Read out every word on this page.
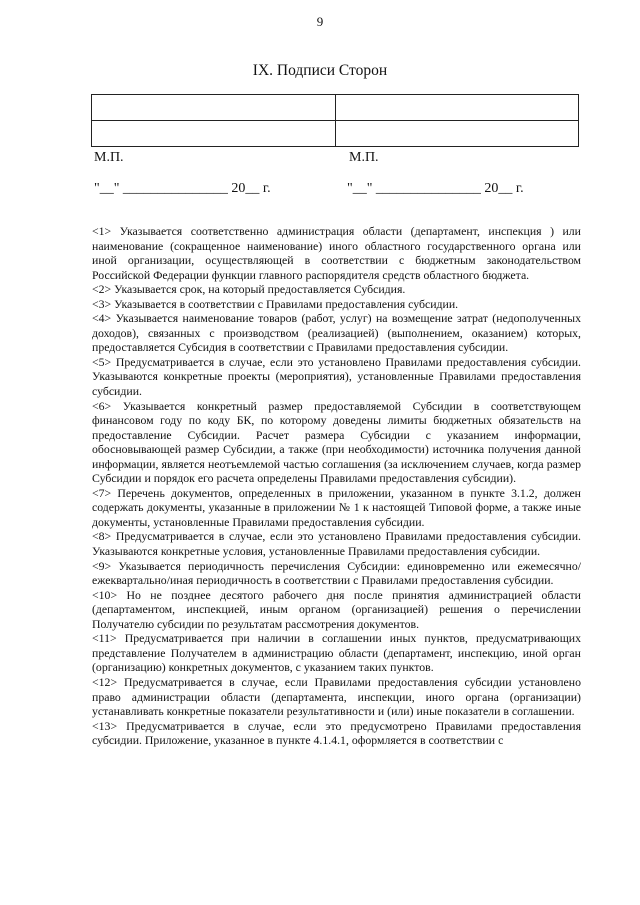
9
IX. Подписи Сторон

М.П.	М.П.
"__" _______________ 20__ г.	"__" _______________ 20__ г.

<1> Указывается соответственно администрация области (департамент, инспекция ) или наименование (сокращенное наименование) иного областного государственного органа или иной организации, осуществляющей в соответствии с бюджетным законодательством Российской Федерации функции главного распорядителя средств областного бюджета.

<2> Указывается срок, на который предоставляется Субсидия.

<3> Указывается в соответствии с Правилами предоставления субсидии.

<4> Указывается наименование товаров (работ, услуг) на возмещение затрат (недополученных доходов), связанных с производством (реализацией) (выполнением, оказанием) которых, предоставляется Субсидия в соответствии с Правилами предоставления субсидии.

<5> Предусматривается в случае, если это установлено Правилами предоставления субсидии. Указываются конкретные проекты (мероприятия), установленные Правилами предоставления субсидии.

<6> Указывается конкретный размер предоставляемой Субсидии в соответствующем финансовом году по коду БК, по которому доведены лимиты бюджетных обязательств на предоставление Субсидии. Расчет размера Субсидии с указанием информации, обосновывающей размер Субсидии, а также (при необходимости) источника получения данной информации, является неотъемлемой частью соглашения (за исключением случаев, когда размер Субсидии и порядок его расчета определены Правилами предоставления субсидии).

<7> Перечень документов, определенных в приложении, указанном в пункте 3.1.2, должен содержать документы, указанные в приложении № 1 к настоящей Типовой форме, а также иные документы, установленные Правилами предоставления субсидии.

<8> Предусматривается в случае, если это установлено Правилами предоставления субсидии. Указываются конкретные условия, установленные Правилами предоставления субсидии.

<9> Указывается периодичность перечисления Субсидии: единовременно или ежемесячно/ежеквартально/иная периодичность в соответствии с Правилами предоставления субсидии.

<10> Но не позднее десятого рабочего дня после принятия администрацией области (департаментом, инспекцией, иным органом (организацией) решения о перечислении Получателю субсидии по результатам рассмотрения документов.

<11> Предусматривается при наличии в соглашении иных пунктов, предусматривающих представление Получателем в администрацию области (департамент, инспекцию, иной орган (организацию) конкретных документов, с указанием таких пунктов.

<12> Предусматривается в случае, если Правилами предоставления субсидии установлено право администрации области (департамента, инспекции, иного органа (организации) устанавливать конкретные показатели результативности и (или) иные показатели в соглашении.

<13> Предусматривается в случае, если это предусмотрено Правилами предоставления субсидии. Приложение, указанное в пункте 4.1.4.1, оформляется в соответствии с
